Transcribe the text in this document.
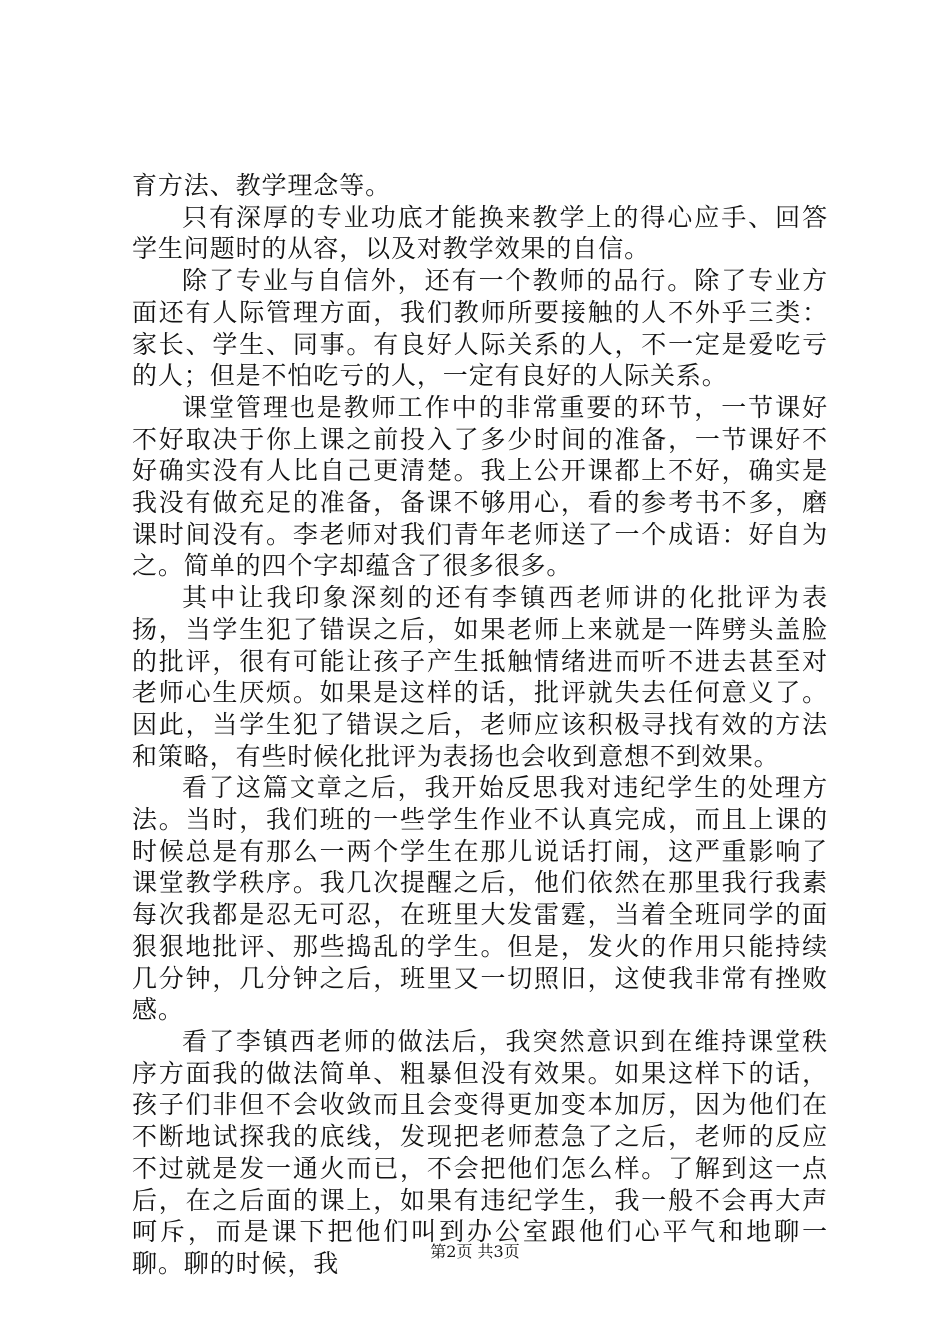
育方法、教学理念等。

只有深厚的专业功底才能换来教学上的得心应手、回答学生问题时的从容，以及对教学效果的自信。

除了专业与自信外，还有一个教师的品行。除了专业方面还有人际管理方面，我们教师所要接触的人不外乎三类：家长、学生、同事。有良好人际关系的人，不一定是爱吃亏的人；但是不怕吃亏的人，一定有良好的人际关系。

课堂管理也是教师工作中的非常重要的环节，一节课好不好取决于你上课之前投入了多少时间的准备，一节课好不好确实没有人比自己更清楚。我上公开课都上不好，确实是我没有做充足的准备，备课不够用心，看的参考书不多，磨课时间没有。李老师对我们青年老师送了一个成语：好自为之。简单的四个字却蕴含了很多很多。

其中让我印象深刻的还有李镇西老师讲的化批评为表扬，当学生犯了错误之后，如果老师上来就是一阵劈头盖脸的批评，很有可能让孩子产生抵触情绪进而听不进去甚至对老师心生厌烦。如果是这样的话，批评就失去任何意义了。因此，当学生犯了错误之后，老师应该积极寻找有效的方法和策略，有些时候化批评为表扬也会收到意想不到效果。

看了这篇文章之后，我开始反思我对违纪学生的处理方法。当时，我们班的一些学生作业不认真完成，而且上课的时候总是有那么一两个学生在那儿说话打闹，这严重影响了课堂教学秩序。我几次提醒之后，他们依然在那里我行我素每次我都是忍无可忍，在班里大发雷霆，当着全班同学的面狠狠地批评、那些捣乱的学生。但是，发火的作用只能持续几分钟，几分钟之后，班里又一切照旧，这使我非常有挫败感。

看了李镇西老师的做法后，我突然意识到在维持课堂秩序方面我的做法简单、粗暴但没有效果。如果这样下的话，孩子们非但不会收敛而且会变得更加变本加厉，因为他们在不断地试探我的底线，发现把老师惹急了之后，老师的反应不过就是发一通火而已，不会把他们怎么样。了解到这一点后，在之后面的课上，如果有违纪学生，我一般不会再大声呵斥，而是课下把他们叫到办公室跟他们心平气和地聊一聊。聊的时候，我	第2页 共3页
